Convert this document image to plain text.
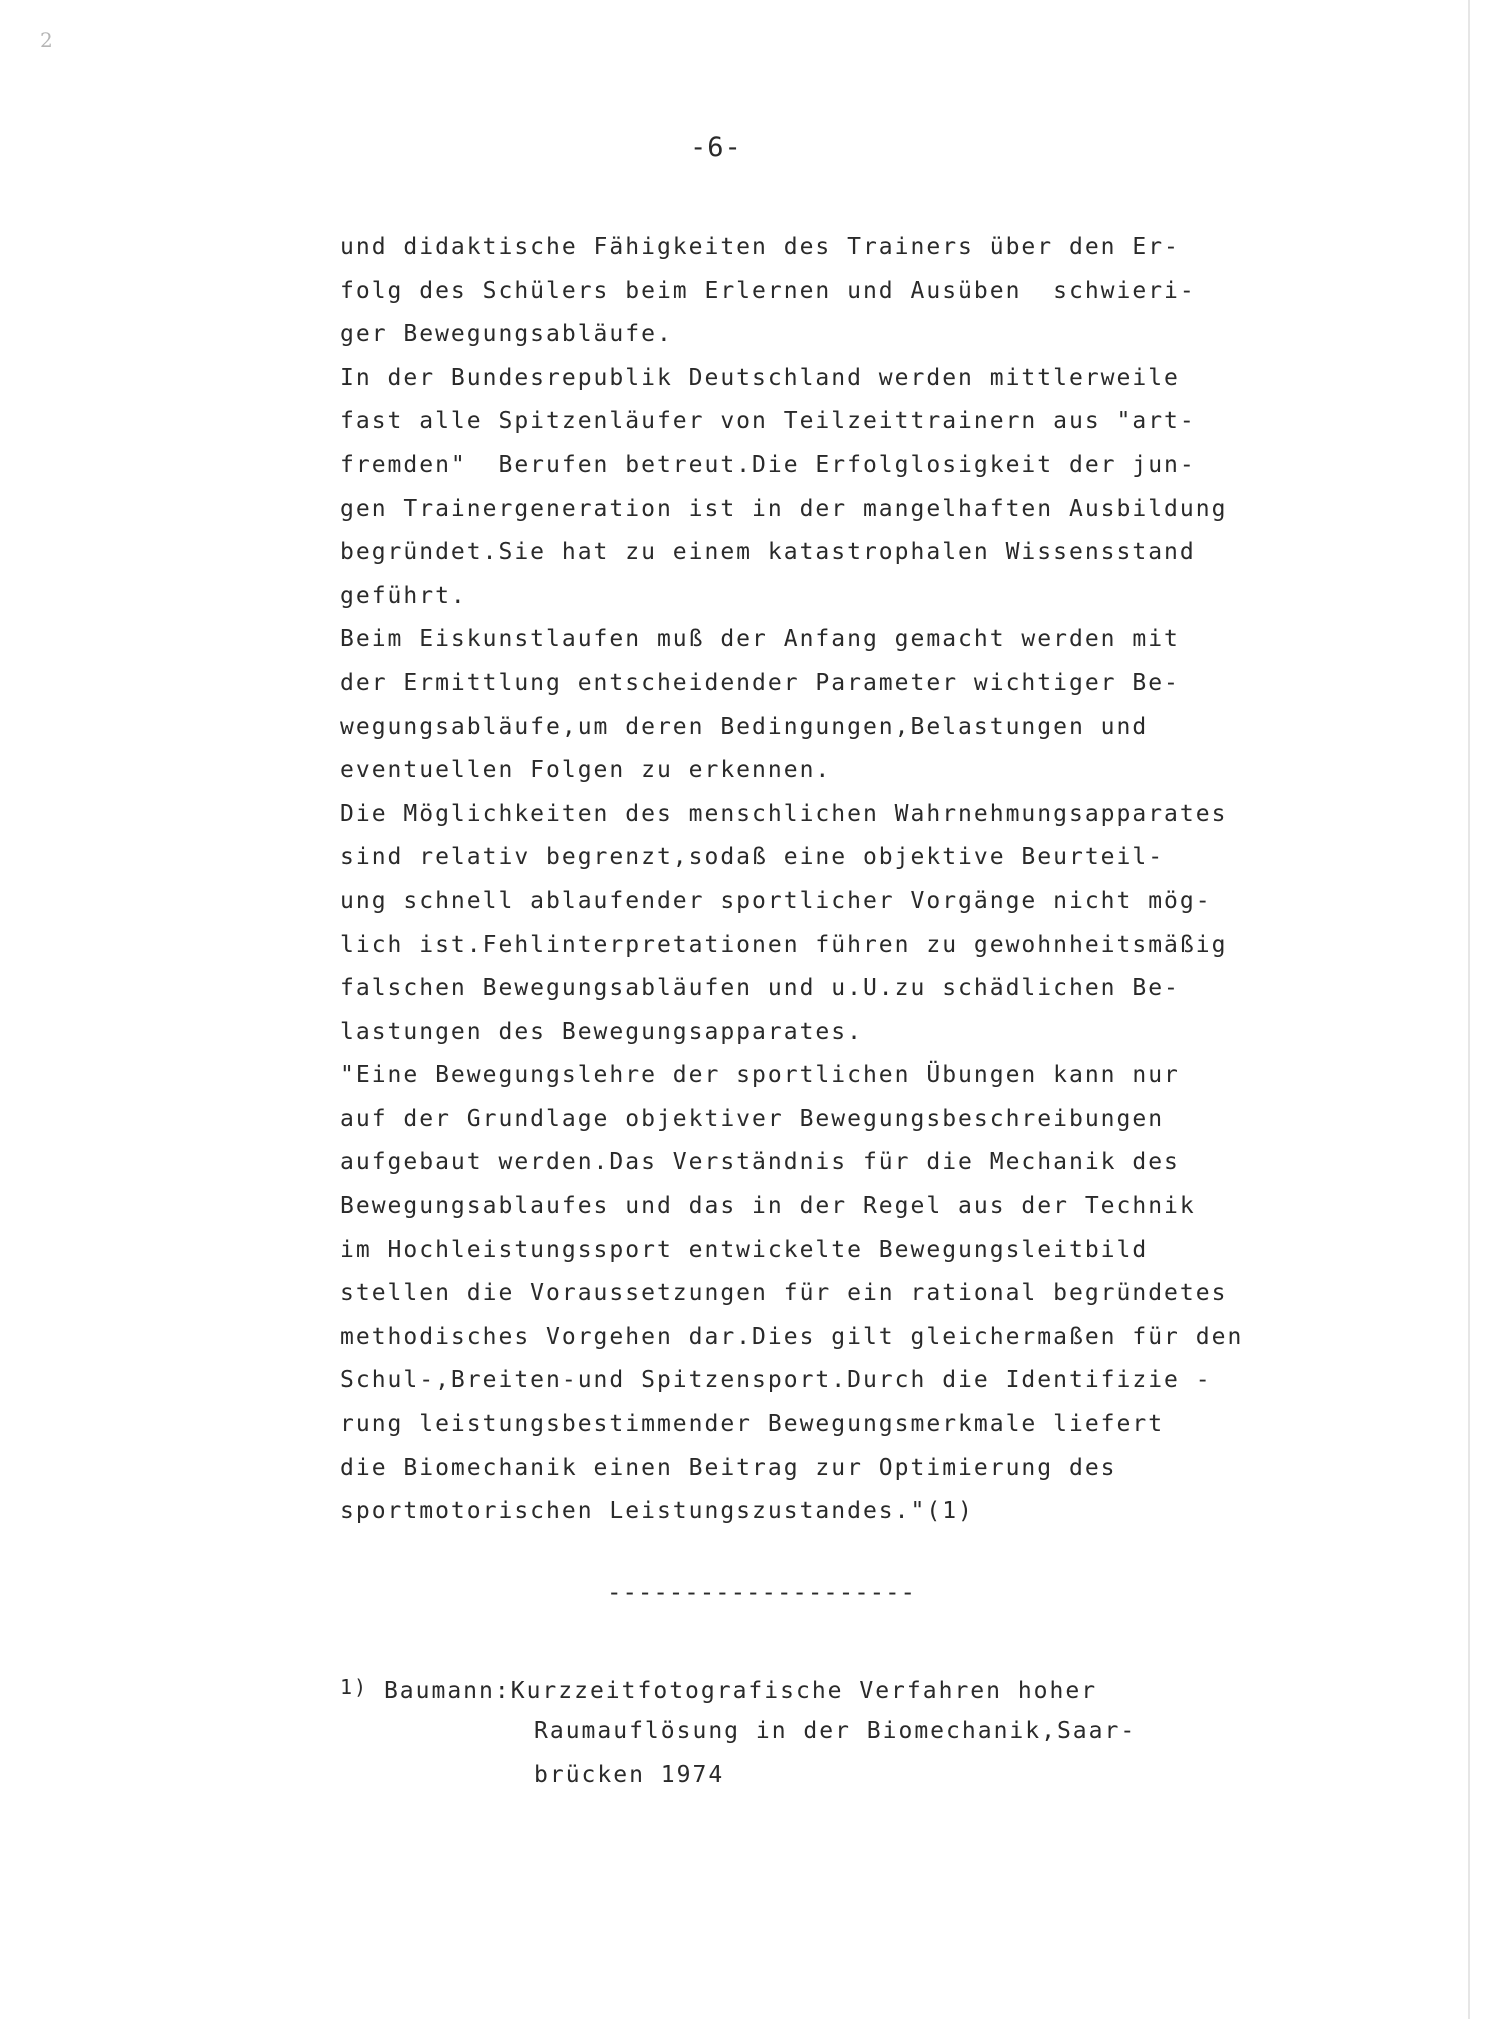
2
-6-
und didaktische Fähigkeiten des Trainers über den Er-
folg des Schülers beim Erlernen und Ausüben  schwieri-
ger Bewegungsabläufe.
In der Bundesrepublik Deutschland werden mittlerweile
fast alle Spitzenläufer von Teilzeittrainern aus "art-
fremden"  Berufen betreut.Die Erfolglosigkeit der jun-
gen Trainergeneration ist in der mangelhaften Ausbildung
begründet.Sie hat zu einem katastrophalen Wissensstand
geführt.
Beim Eiskunstlaufen muß der Anfang gemacht werden mit
der Ermittlung entscheidender Parameter wichtiger Be-
wegungsabläufe,um deren Bedingungen,Belastungen und
eventuellen Folgen zu erkennen.
Die Möglichkeiten des menschlichen Wahrnehmungsapparates
sind relativ begrenzt,sodaß eine objektive Beurteil-
ung schnell ablaufender sportlicher Vorgänge nicht mög-
lich ist.Fehlinterpretationen führen zu gewohnheitsmäßig
falschen Bewegungsabläufen und u.U.zu schädlichen Be-
lastungen des Bewegungsapparates.
"Eine Bewegungslehre der sportlichen Übungen kann nur
auf der Grundlage objektiver Bewegungsbeschreibungen
aufgebaut werden.Das Verständnis für die Mechanik des
Bewegungsablaufes und das in der Regel aus der Technik
im Hochleistungssport entwickelte Bewegungsleitbild
stellen die Voraussetzungen für ein rational begründetes
methodisches Vorgehen dar.Dies gilt gleichermaßen für den
Schul-,Breiten-und Spitzensport.Durch die Identifizie -
rung leistungsbestimmender Bewegungsmerkmale liefert
die Biomechanik einen Beitrag zur Optimierung des
sportmotorischen Leistungszustandes."(1)
--------------------
1) Baumann:Kurzzeitfotografische Verfahren hoher
Raumauflösung in der Biomechanik,Saar-
brücken 1974
